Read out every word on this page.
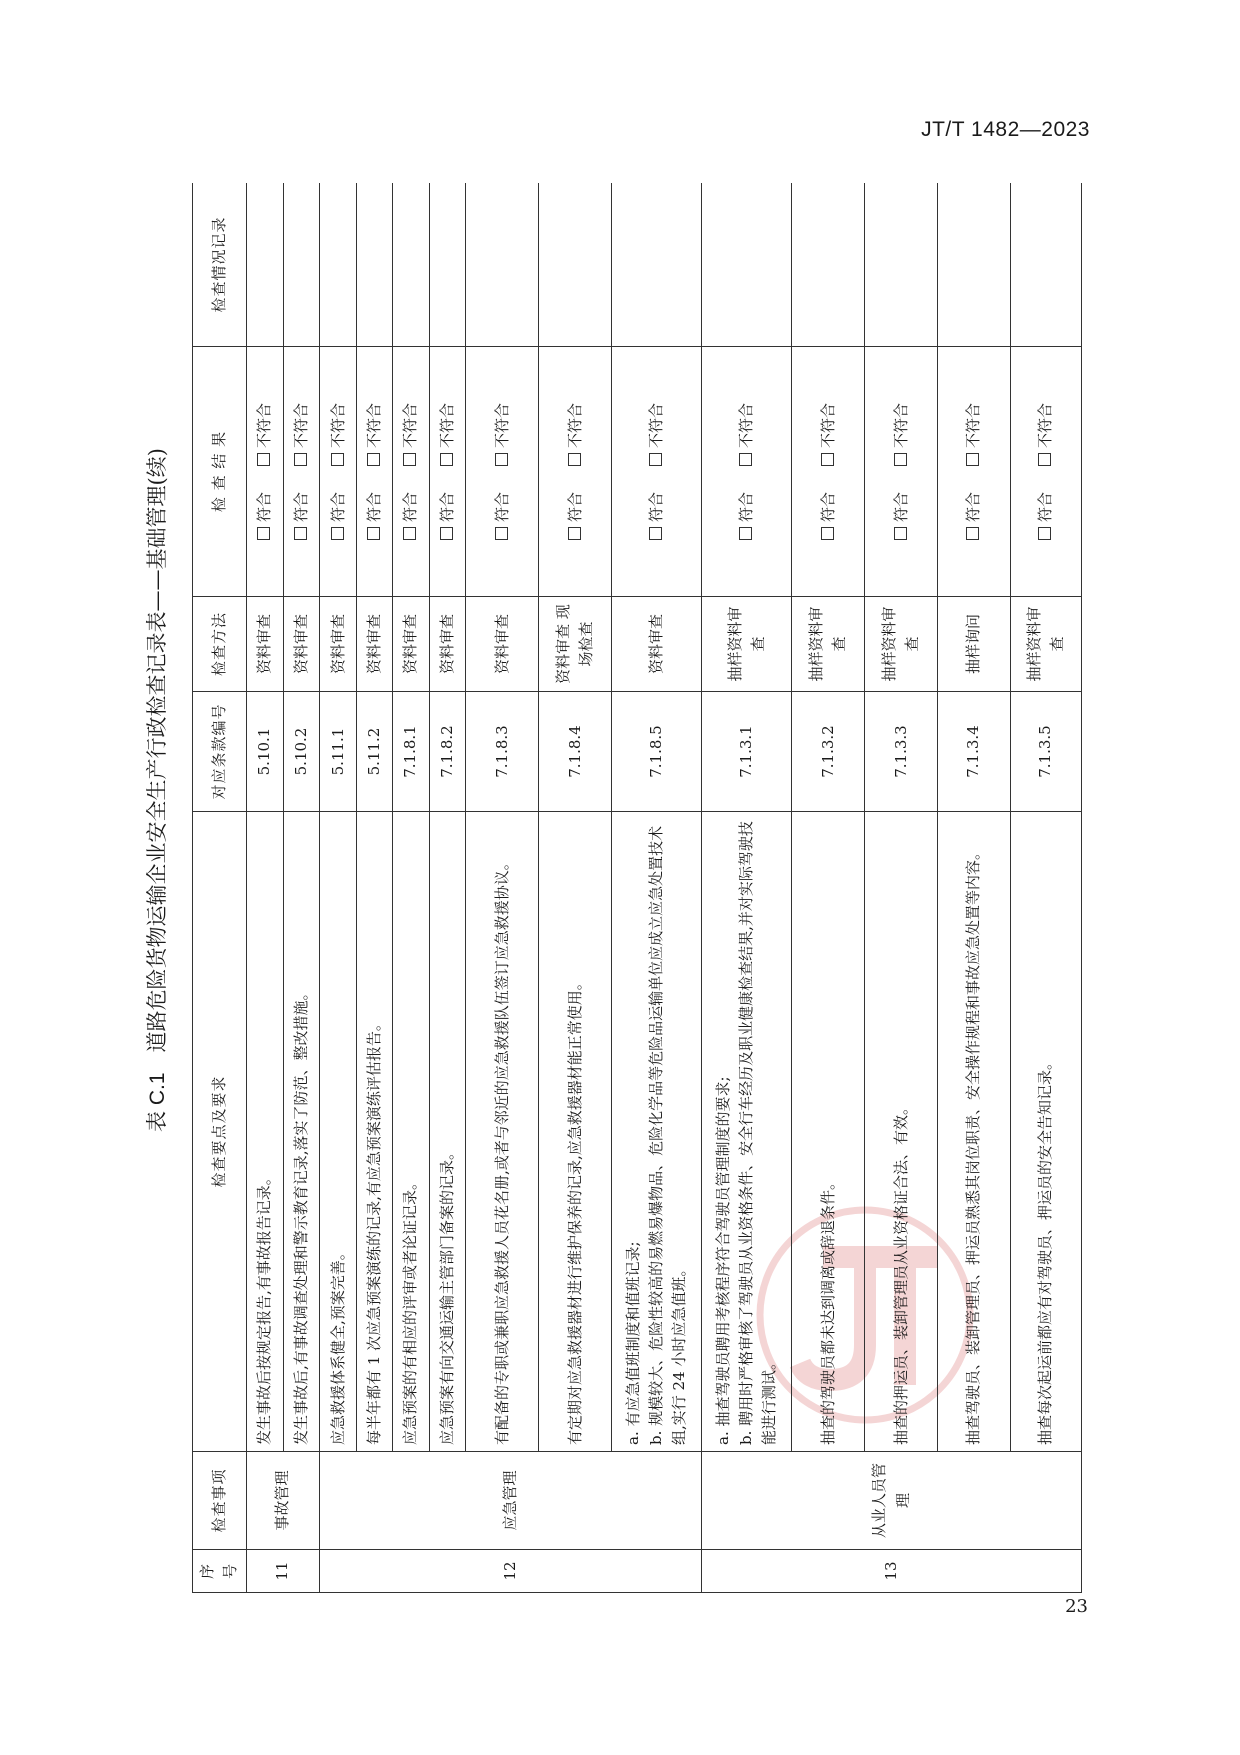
JT/T 1482—2023
表 C.1
道路危险货物运输企业安全生产行政检查记录表——基础管理(续)
序号	检查事项	检查要点及要求	对应条款编号	检查方法	检 查 结 果	检查情况记录
11	事故管理	发生事故后按规定报告,有事故报告记录。	5.10.1	资料审查	符合不符合	
		发生事故后,有事故调查处理和警示教育记录,落实了防范、整改措施。	5.10.2	资料审查	符合不符合	
12	应急管理	应急救援体系健全,预案完善。	5.11.1	资料审查	符合不符合	
		每半年都有 1 次应急预案演练的记录,有应急预案演练评估报告。	5.11.2	资料审查	符合不符合	
		应急预案的有相应的评审或者论证记录。	7.1.8.1	资料审查	符合不符合	
		应急预案有向交通运输主管部门备案的记录。	7.1.8.2	资料审查	符合不符合	
		有配备的专职或兼职应急救援人员花名册,或者与邻近的应急救援队伍签订应急救援协议。	7.1.8.3	资料审查	符合不符合	
		有定期对应急救援器材进行维护保养的记录,应急救援器材能正常使用。	7.1.8.4	资料审查 现场检查	符合不符合	

		a. 有应急值班制度和值班记录; b. 规模较大、危险性较高的易燃易爆物品、危险化学品等危险品运输单位应成立应急处置技术组,实行 24 小时应急值班。	7.1.8.5	资料审查	符合不符合	
13	从业人员管理	a. 抽查驾驶员聘用考核程序符合驾驶员管理制度的要求; b. 聘用时严格审核了驾驶员从业资格条件、安全行车经历及职业健康检查结果,并对实际驾驶技能进行测试。	7.1.3.1	抽样资料审查	符合不符合	
		抽查的驾驶员都未达到调离或辞退条件。	7.1.3.2	抽样资料审查	符合不符合	
		抽查的押运员、装卸管理员从业资格证合法、有效。	7.1.3.3	抽样资料审查	符合不符合	
		抽查驾驶员、装卸管理员、押运员熟悉其岗位职责、安全操作规程和事故应急处置等内容。	7.1.3.4	抽样询问	符合不符合	
		抽查每次起运前都应有对驾驶员、押运员的安全告知记录。	7.1.3.5	抽样资料审查	符合不符合	
23
